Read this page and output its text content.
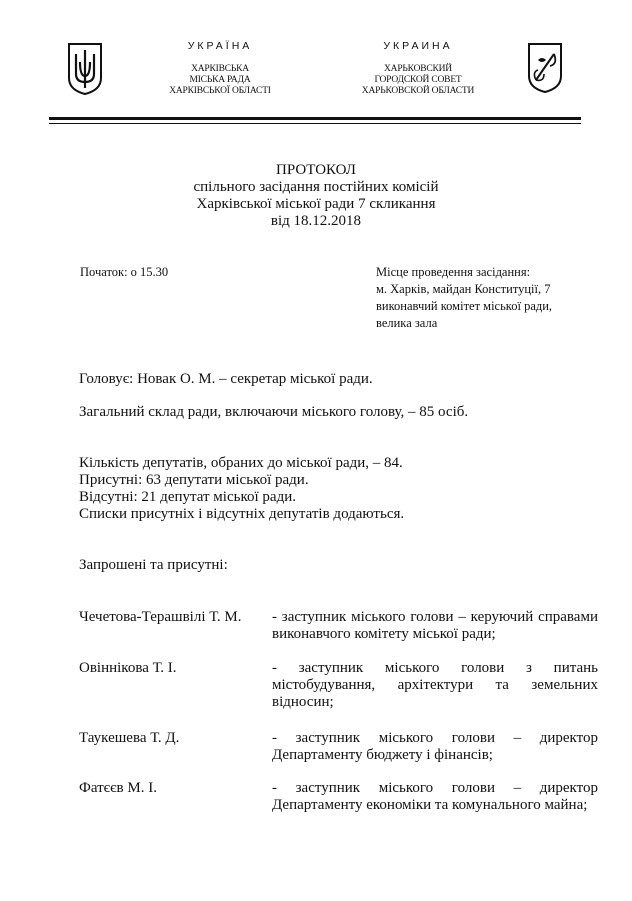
УКРАЇНА
ХАРКІВСЬКА
МІСЬКА РАДА
ХАРКІВСЬКОЇ ОБЛАСТІ
УКРАИНА
ХАРЬКОВСКИЙ
ГОРОДСКОЙ СОВЕТ
ХАРЬКОВСКОЙ ОБЛАСТИ
ПРОТОКОЛ
спільного засідання постійних комісій
Харківської міської ради 7 скликання
від 18.12.2018
Початок: о 15.30	Місце проведення засідання:
м. Харків, майдан Конституції, 7
виконавчий комітет міської ради,
велика зала
Головує: Новак О. М. – секретар міської ради.
Загальний склад ради, включаючи міського голову, – 85 осіб.
Кількість депутатів, обраних до міської ради, – 84.
Присутні: 63 депутати міської ради.
Відсутні: 21 депутат міської ради.
Списки присутніх і відсутніх депутатів додаються.
Запрошені та присутні:
Чечетова-Терашвілі Т. М. - заступник міського голови – керуючий справами
виконавчого комітету міської ради;
Овіннікова Т. І.	- заступник міського голови з питань
містобудування, архітектури та земельних
відносин;
Таукешева Т. Д.	- заступник міського голови – директор
Департаменту бюджету і фінансів;
Фатєєв М. І.	- заступник міського голови – директор
Департаменту економіки та комунального майна;
